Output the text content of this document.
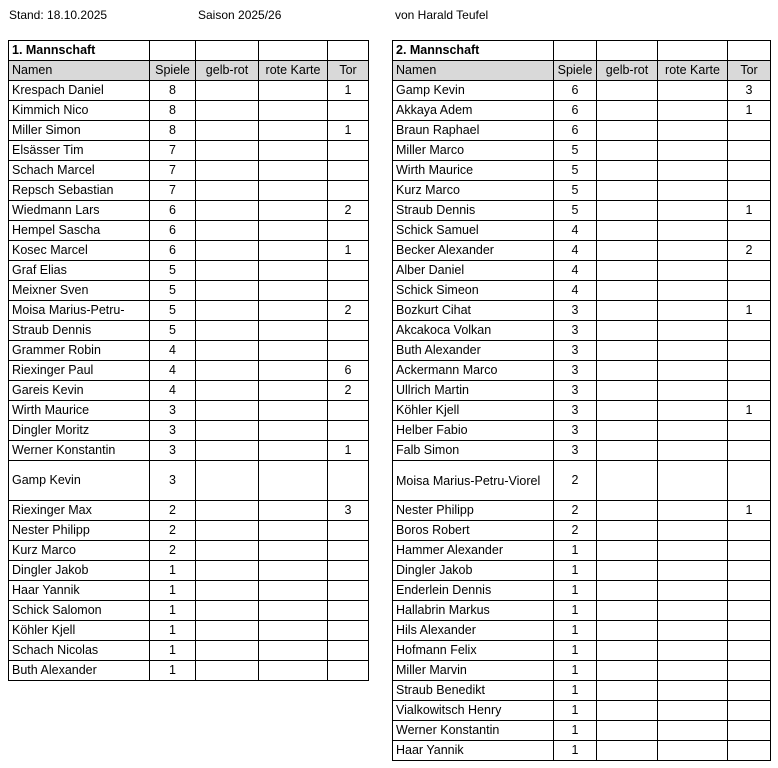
Stand: 18.10.2025	Saison 2025/26	von Harald Teufel
1. Mannschaft				
Namen	Spiele	gelb-rot	rote Karte	Tor
Krespach Daniel	8			1
Kimmich Nico	8			
Miller Simon	8			1
Elsässer Tim	7			
Schach Marcel	7			
Repsch Sebastian	7			
Wiedmann Lars	6			2
Hempel Sascha	6			
Kosec Marcel	6			1
Graf Elias	5			
Meixner Sven	5			
Moisa Marius-Petru-	5			2
Straub Dennis	5			
Grammer Robin	4			
Riexinger Paul	4			6
Gareis Kevin	4			2
Wirth Maurice	3			
Dingler Moritz	3			
Werner Konstantin	3			1
Gamp Kevin	3			
Riexinger Max	2			3
Nester Philipp	2			
Kurz Marco	2			
Dingler Jakob	1			
Haar Yannik	1			
Schick Salomon	1			
Köhler Kjell	1			
Schach Nicolas	1			
Buth Alexander	1			
2. Mannschaft				
Namen	Spiele	gelb-rot	rote Karte	Tor
Gamp Kevin	6			3
Akkaya Adem	6			1
Braun Raphael	6			
Miller Marco	5			
Wirth Maurice	5			
Kurz Marco	5			
Straub Dennis	5			1
Schick Samuel	4			
Becker Alexander	4			2
Alber Daniel	4			
Schick Simeon	4			
Bozkurt Cihat	3			1
Akcakoca Volkan	3			
Buth Alexander	3			
Ackermann Marco	3			
Ullrich Martin	3			
Köhler Kjell	3			1
Helber Fabio	3			
Falb Simon	3			
Moisa Marius-Petru-Viorel	2			
Nester Philipp	2			1
Boros Robert	2			
Hammer Alexander	1			
Dingler Jakob	1			
Enderlein Dennis	1			
Hallabrin Markus	1			
Hils Alexander	1			
Hofmann Felix	1			
Miller Marvin	1			
Straub Benedikt	1			
Vialkowitsch Henry	1			
Werner Konstantin	1			
Haar Yannik	1			
